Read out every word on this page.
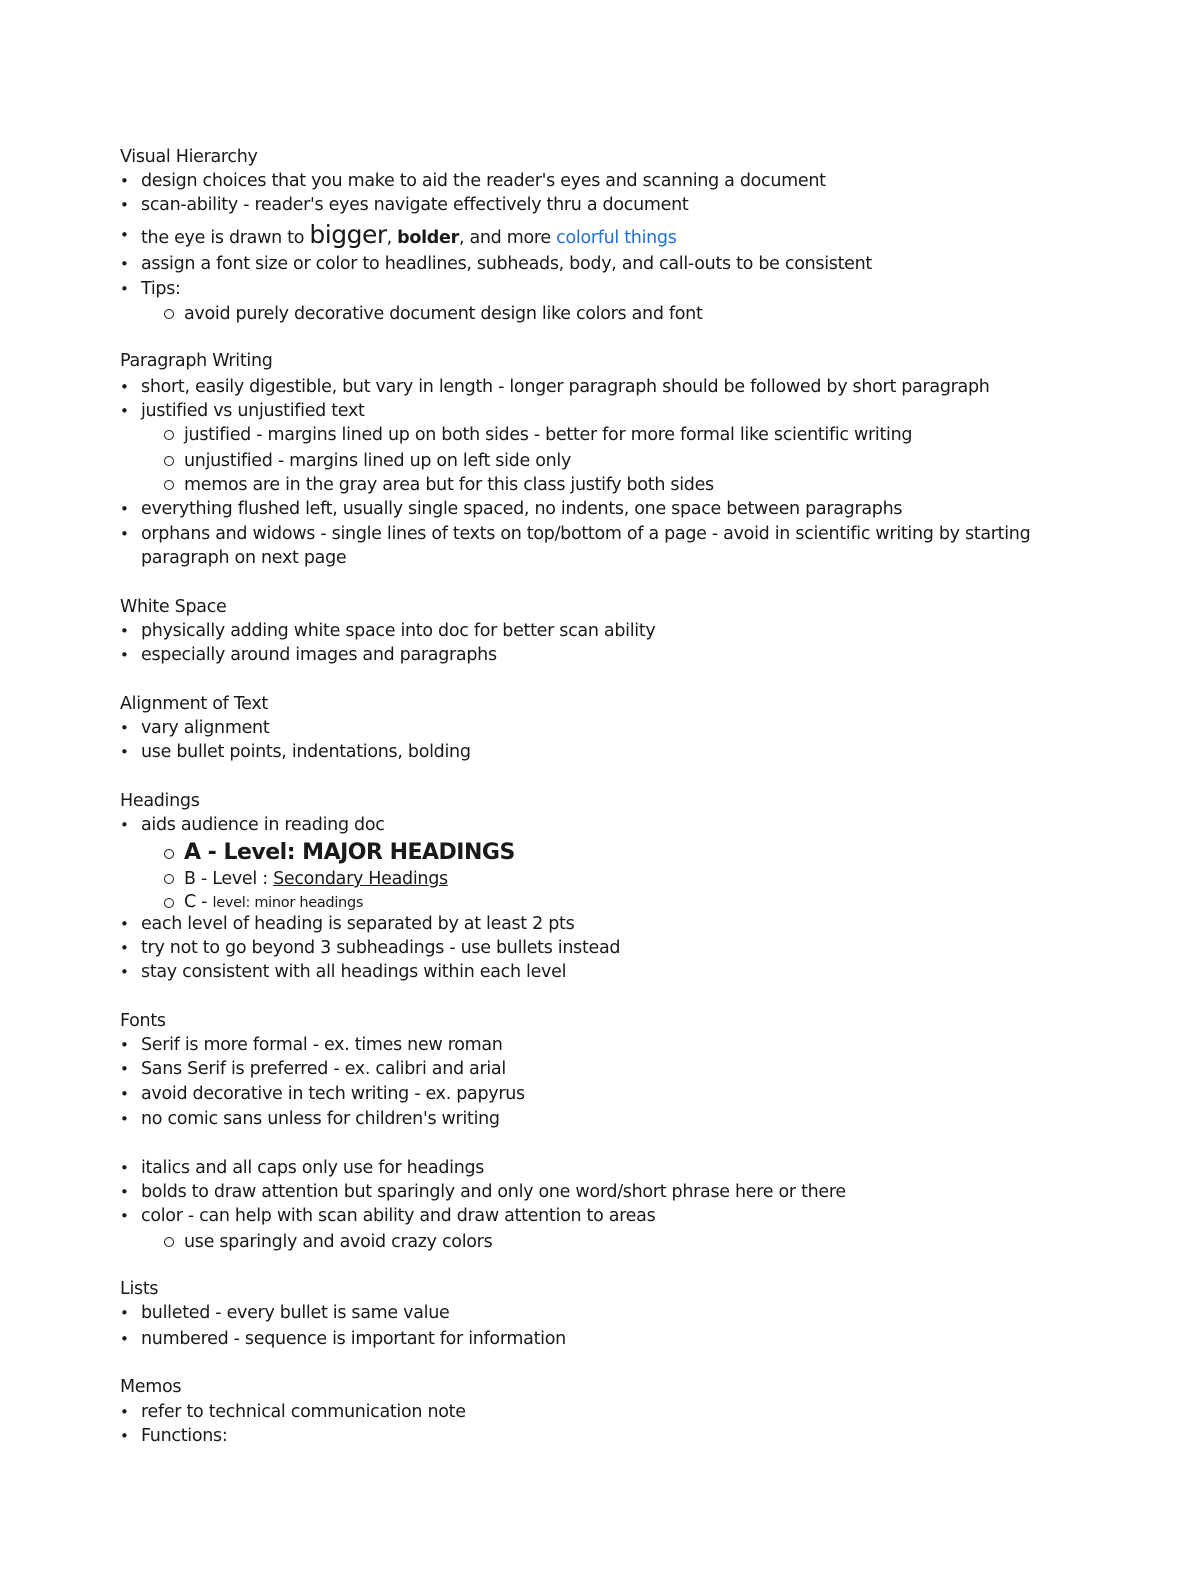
Visual Hierarchy
• design choices that you make to aid the reader's eyes and scanning a document
• scan-ability - reader's eyes navigate effectively thru a document
• the eye is drawn to bigger, bolder, and more colorful things
• assign a font size or color to headlines, subheads, body, and call-outs to be consistent
• Tips:
avoid purely decorative document design like colors and font
Paragraph Writing
• short, easily digestible, but vary in length - longer paragraph should be followed by short paragraph
• justified vs unjustified text
justified - margins lined up on both sides - better for more formal like scientific writing
unjustified - margins lined up on left side only
memos are in the gray area but for this class justify both sides
• everything flushed left, usually single spaced, no indents, one space between paragraphs
• orphans and widows - single lines of texts on top/bottom of a page - avoid in scientific writing by starting
paragraph on next page
White Space
• physically adding white space into doc for better scan ability
• especially around images and paragraphs
Alignment of Text
• vary alignment
• use bullet points, indentations, bolding
Headings
• aids audience in reading doc
A - Level: MAJOR HEADINGS
B - Level : Secondary Headings
C - level: minor headings
• each level of heading is separated by at least 2 pts
• try not to go beyond 3 subheadings - use bullets instead
• stay consistent with all headings within each level
Fonts
• Serif is more formal - ex. times new roman
• Sans Serif is preferred - ex. calibri and arial
• avoid decorative in tech writing - ex. papyrus
• no comic sans unless for children's writing
• italics and all caps only use for headings
• bolds to draw attention but sparingly and only one word/short phrase here or there
• color - can help with scan ability and draw attention to areas
use sparingly and avoid crazy colors
Lists
• bulleted - every bullet is same value
• numbered - sequence is important for information
Memos
• refer to technical communication note
• Functions:
